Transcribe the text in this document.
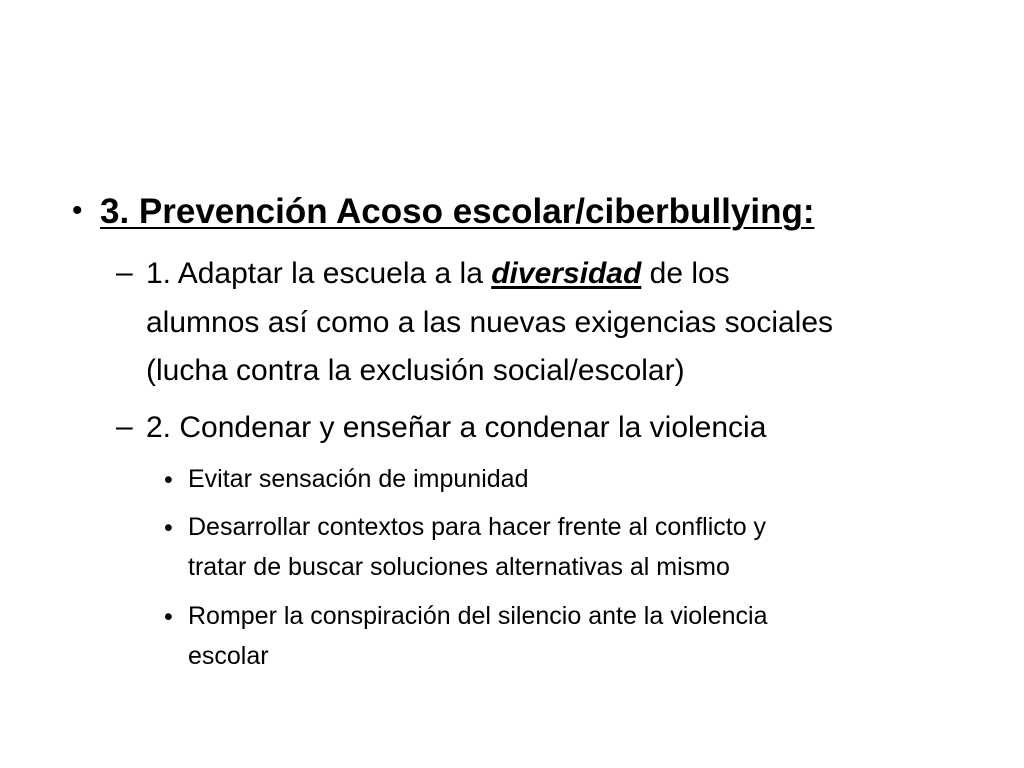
• 3. Prevención Acoso escolar/ciberbullying:
– 1. Adaptar la escuela a la diversidad de los
alumnos así como a las nuevas exigencias sociales
(lucha contra la exclusión social/escolar)
– 2. Condenar y enseñar a condenar la violencia
• Evitar sensación de impunidad
• Desarrollar contextos para hacer frente al conflicto y
tratar de buscar soluciones alternativas al mismo
• Romper la conspiración del silencio ante la violencia
escolar
